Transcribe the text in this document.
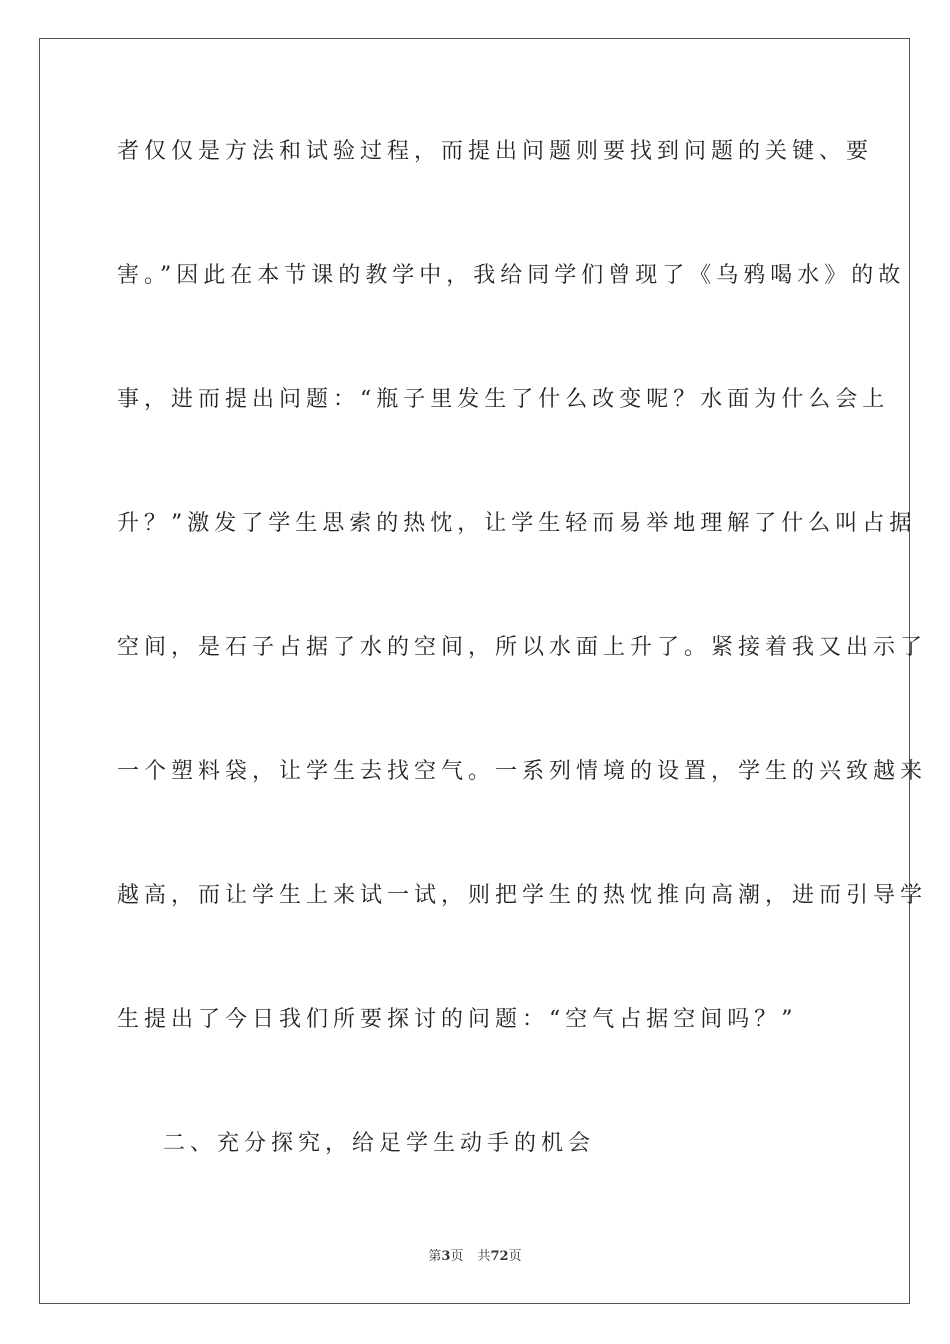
者仅仅是方法和试验过程，而提出问题则要找到问题的关键、要
害。”因此在本节课的教学中，我给同学们曾现了《乌鸦喝水》的故
事，进而提出问题：“瓶子里发生了什么改变呢？水面为什么会上
升？”激发了学生思索的热忱，让学生轻而易举地理解了什么叫占据
空间，是石子占据了水的空间，所以水面上升了。紧接着我又出示了
一个塑料袋，让学生去找空气。一系列情境的设置，学生的兴致越来
越高，而让学生上来试一试，则把学生的热忱推向高潮，进而引导学
生提出了今日我们所要探讨的问题：“空气占据空间吗？”
二、充分探究，给足学生动手的机会
第3页 共72页
